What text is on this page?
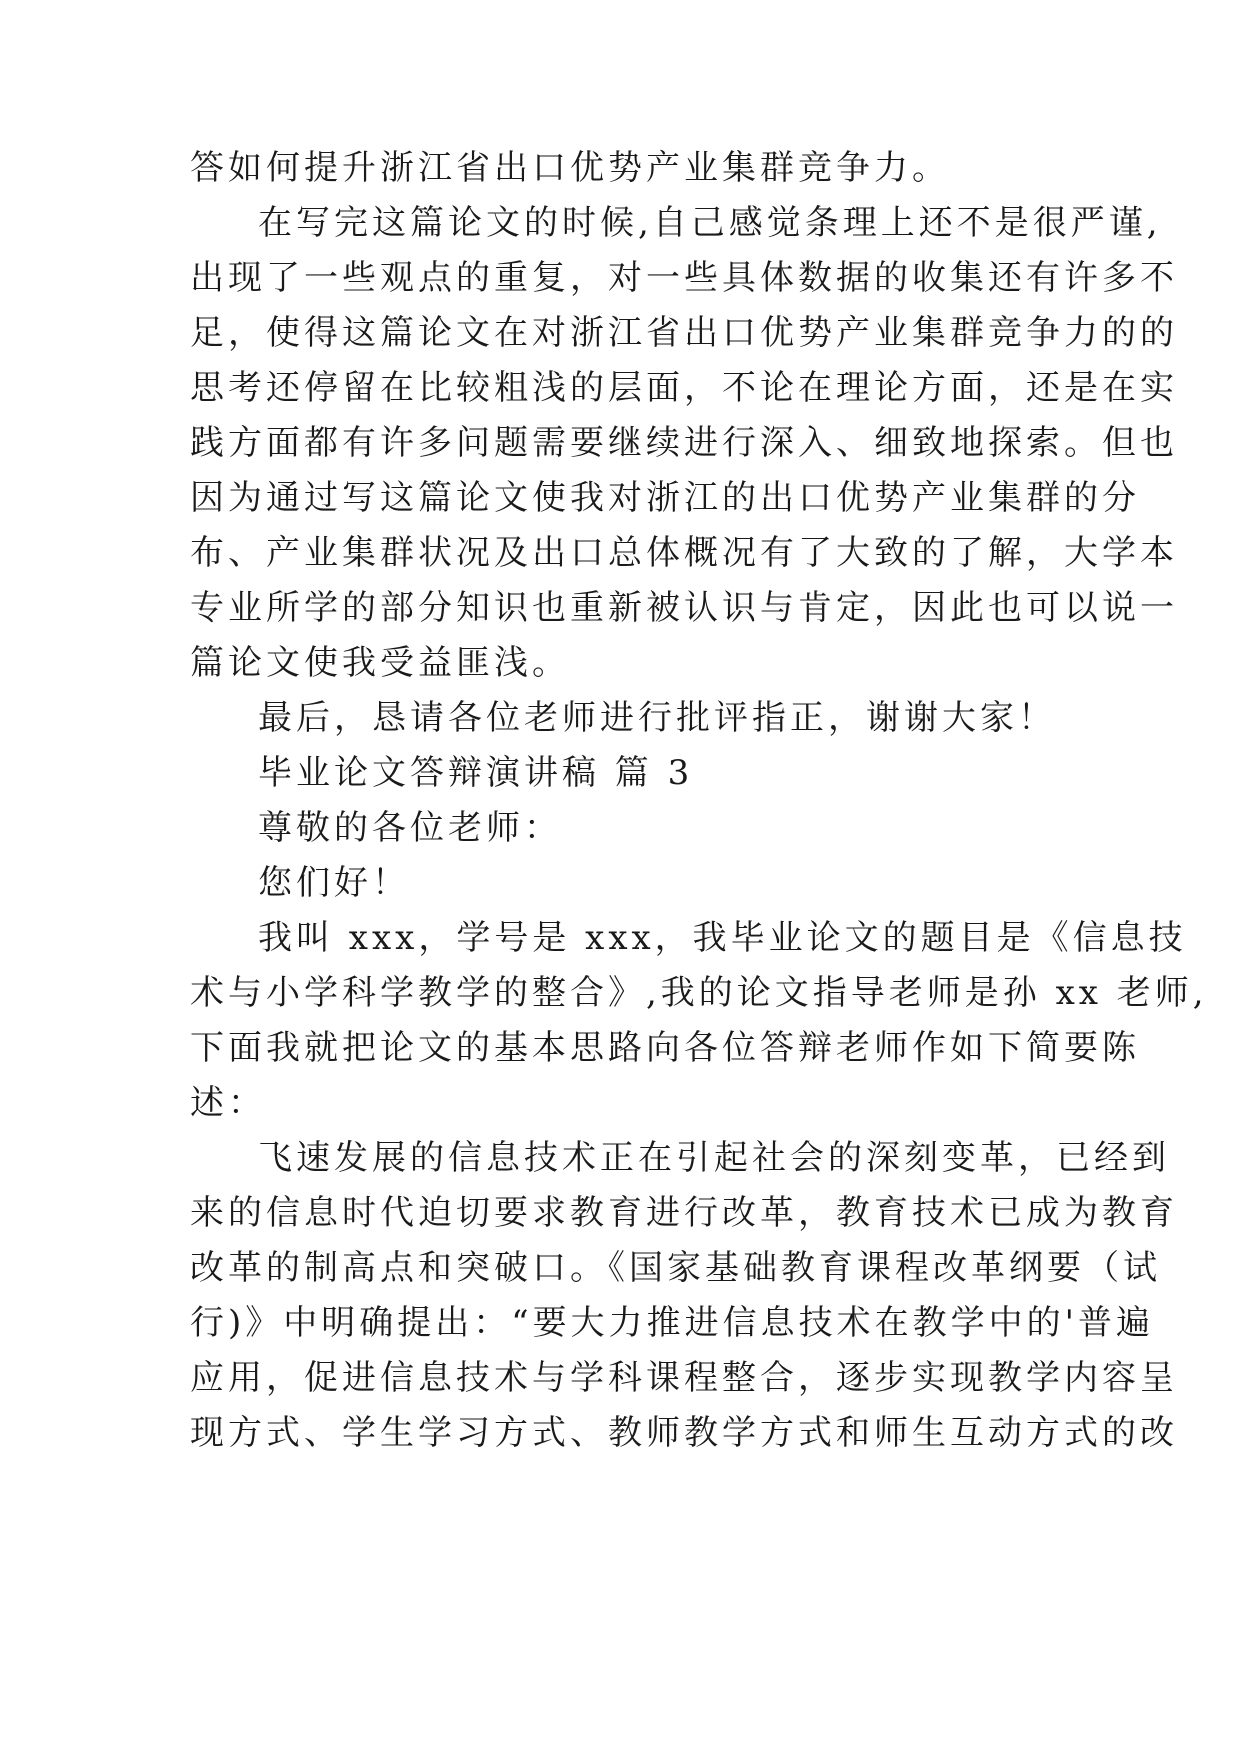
答如何提升浙江省出口优势产业集群竞争力。
在写完这篇论文的时候,自己感觉条理上还不是很严谨,
出现了一些观点的重复，对一些具体数据的收集还有许多不
足，使得这篇论文在对浙江省出口优势产业集群竞争力的的
思考还停留在比较粗浅的层面，不论在理论方面，还是在实
践方面都有许多问题需要继续进行深入、细致地探索。但也
因为通过写这篇论文使我对浙江的出口优势产业集群的分
布、产业集群状况及出口总体概况有了大致的了解，大学本
专业所学的部分知识也重新被认识与肯定，因此也可以说一
篇论文使我受益匪浅。
最后，恳请各位老师进行批评指正，谢谢大家！
毕业论文答辩演讲稿 篇 3
尊敬的各位老师：
您们好！
我叫 xxx，学号是 xxx，我毕业论文的题目是《信息技
术与小学科学教学的整合》,我的论文指导老师是孙 xx 老师,
下面我就把论文的基本思路向各位答辩老师作如下简要陈
述：
飞速发展的信息技术正在引起社会的深刻变革，已经到
来的信息时代迫切要求教育进行改革，教育技术已成为教育
改革的制高点和突破口。《国家基础教育课程改革纲要（试
行)》中明确提出：“要大力推进信息技术在教学中的'普遍
应用，促进信息技术与学科课程整合，逐步实现教学内容呈
现方式、学生学习方式、教师教学方式和师生互动方式的改
